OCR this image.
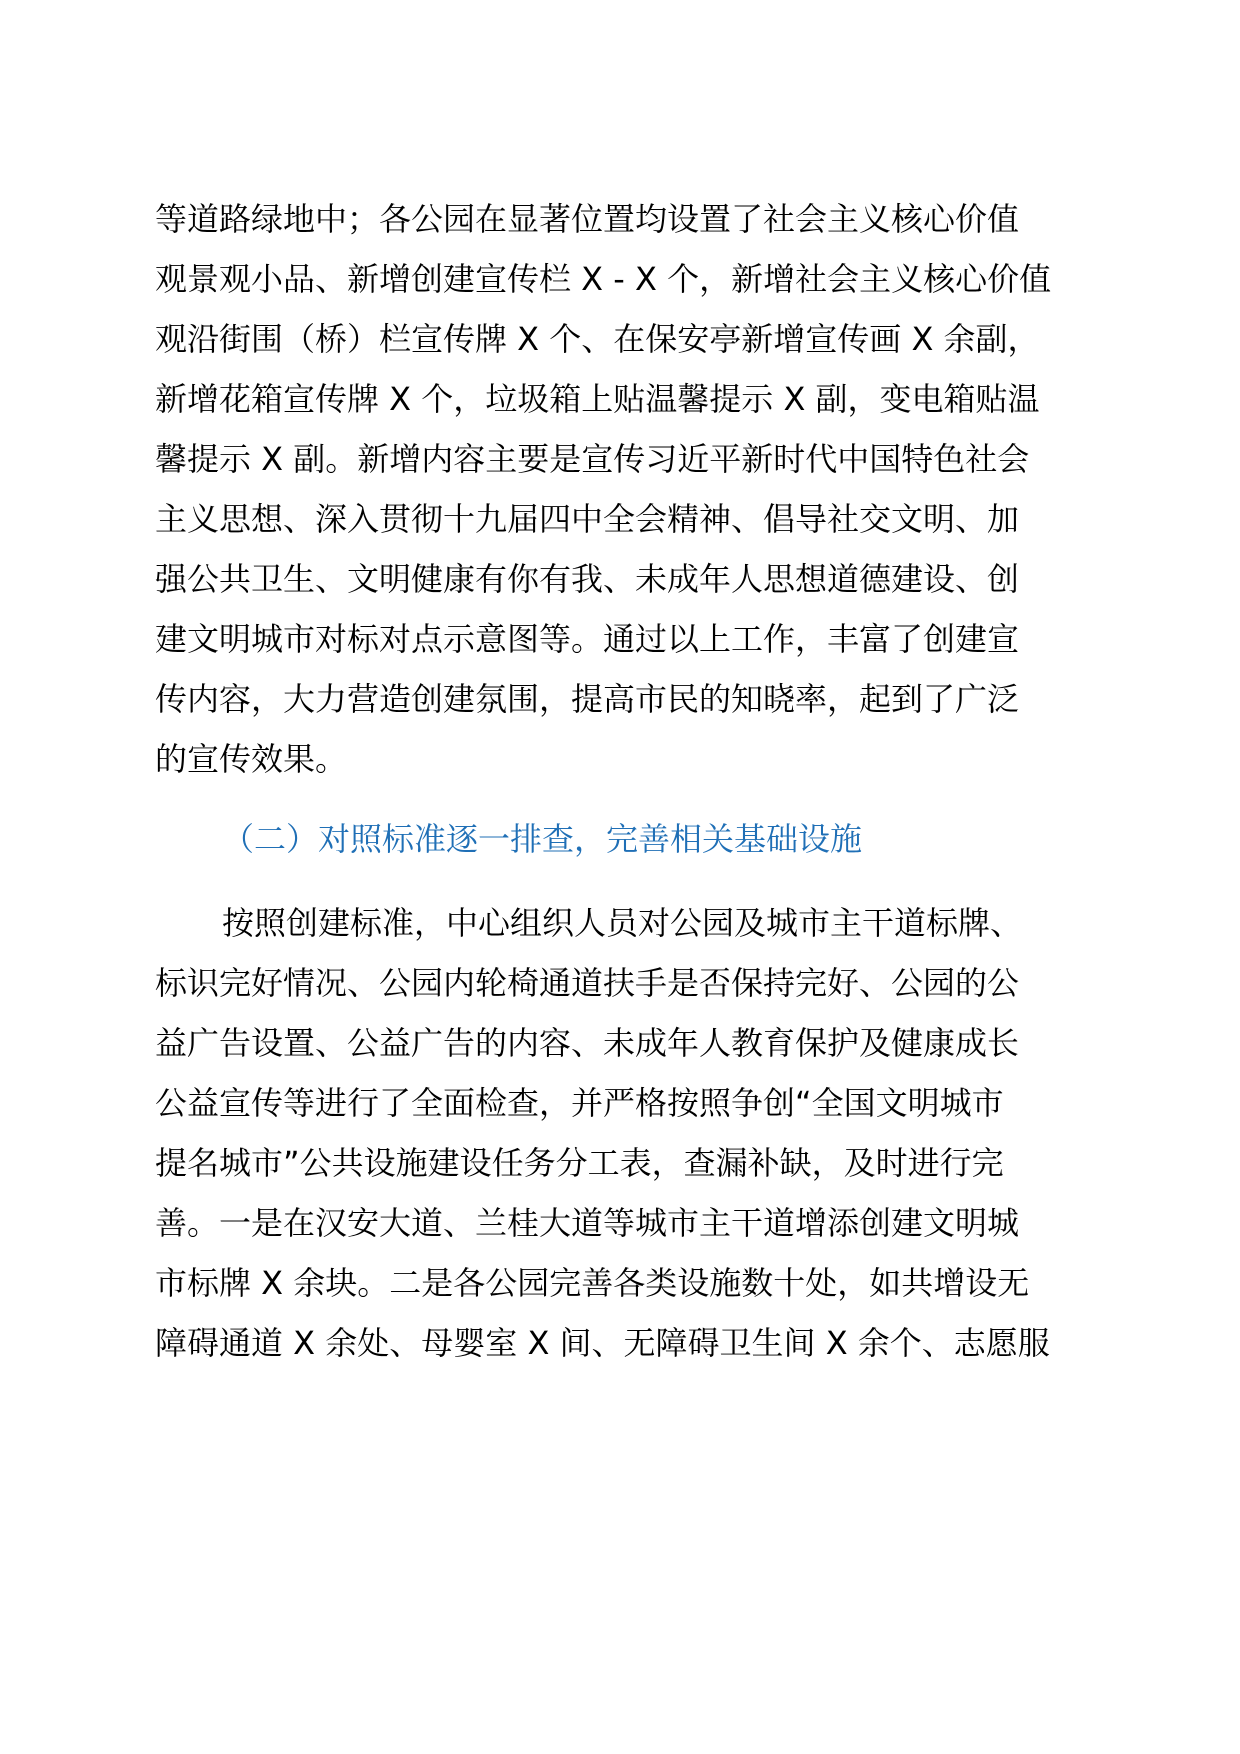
等道路绿地中；各公园在显著位置均设置了社会主义核心价值
观景观小品、新增创建宣传栏 X - X 个，新增社会主义核心价值
观沿街围（桥）栏宣传牌 X 个、在保安亭新增宣传画 X 余副，
新增花箱宣传牌 X 个，垃圾箱上贴温馨提示 X 副，变电箱贴温
馨提示 X 副。新增内容主要是宣传习近平新时代中国特色社会
主义思想、深入贯彻十九届四中全会精神、倡导社交文明、加
强公共卫生、文明健康有你有我、未成年人思想道德建设、创
建文明城市对标对点示意图等。通过以上工作，丰富了创建宣
传内容，大力营造创建氛围，提高市民的知晓率，起到了广泛
的宣传效果。
（二）对照标准逐一排查，完善相关基础设施
按照创建标准，中心组织人员对公园及城市主干道标牌、
标识完好情况、公园内轮椅通道扶手是否保持完好、公园的公
益广告设置、公益广告的内容、未成年人教育保护及健康成长
公益宣传等进行了全面检查，并严格按照争创“全国文明城市
提名城市”公共设施建设任务分工表，查漏补缺，及时进行完
善。一是在汉安大道、兰桂大道等城市主干道增添创建文明城
市标牌 X 余块。二是各公园完善各类设施数十处，如共增设无
障碍通道 X 余处、母婴室 X 间、无障碍卫生间 X 余个、志愿服
